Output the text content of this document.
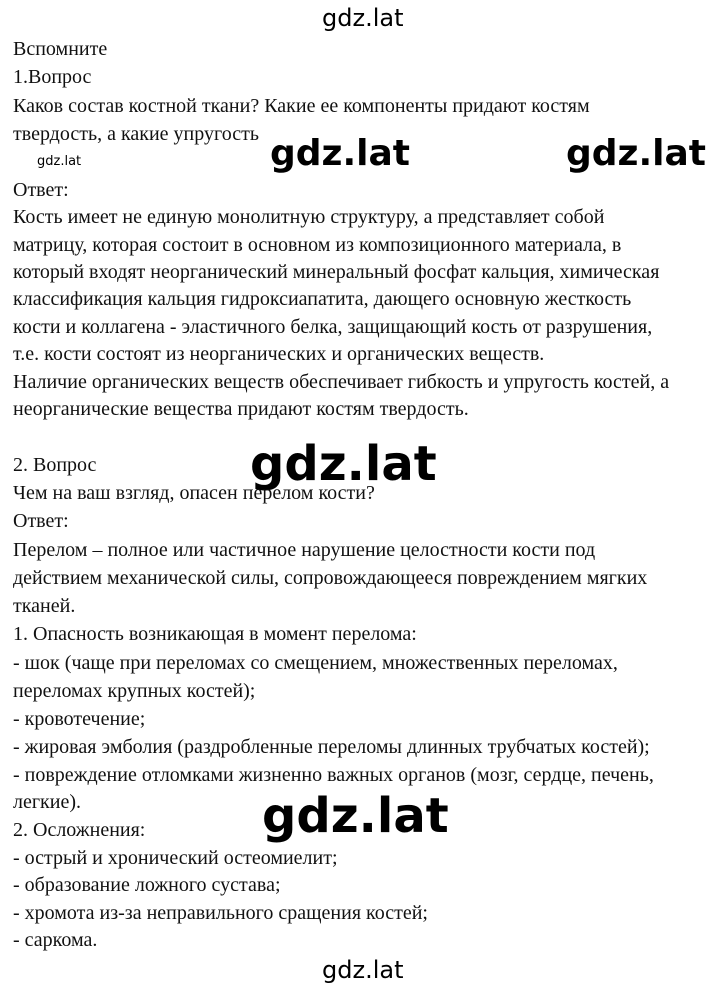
gdz.lat
Вспомните
1.Вопрос
Каков состав костной ткани? Какие ее компоненты придают костям
твердость, а какие упругость
gdz.lat	gdz.lat	gdz.lat
Ответ:
Кость имеет не единую монолитную структуру, а представляет собой
матрицу, которая состоит в основном из композиционного материала, в
который входят неорганический минеральный фосфат кальция, химическая
классификация кальция гидроксиапатита, дающего основную жесткость
кости и коллагена - эластичного белка, защищающий кость от разрушения,
т.е. кости состоят из неорганических и органических веществ.
Наличие органических веществ обеспечивает гибкость и упругость костей, а
неорганические вещества придают костям твердость.
gdz.lat
2. Вопрос
Чем на ваш взгляд, опасен перелом кости?
Ответ:
Перелом – полное или частичное нарушение целостности кости под
действием механической силы, сопровождающееся повреждением мягких
тканей.
1. Опасность возникающая в момент перелома:
- шок (чаще при переломах со смещением, множественных переломах,
переломах крупных костей);
- кровотечение;
- жировая эмболия (раздробленные переломы длинных трубчатых костей);
- повреждение отломками жизненно важных органов (мозг, сердце, печень,
легкие).	gdz.lat
2. Осложнения:
- острый и хронический остеомиелит;
- образование ложного сустава;
- хромота из-за неправильного сращения костей;
- саркома.
gdz.lat
